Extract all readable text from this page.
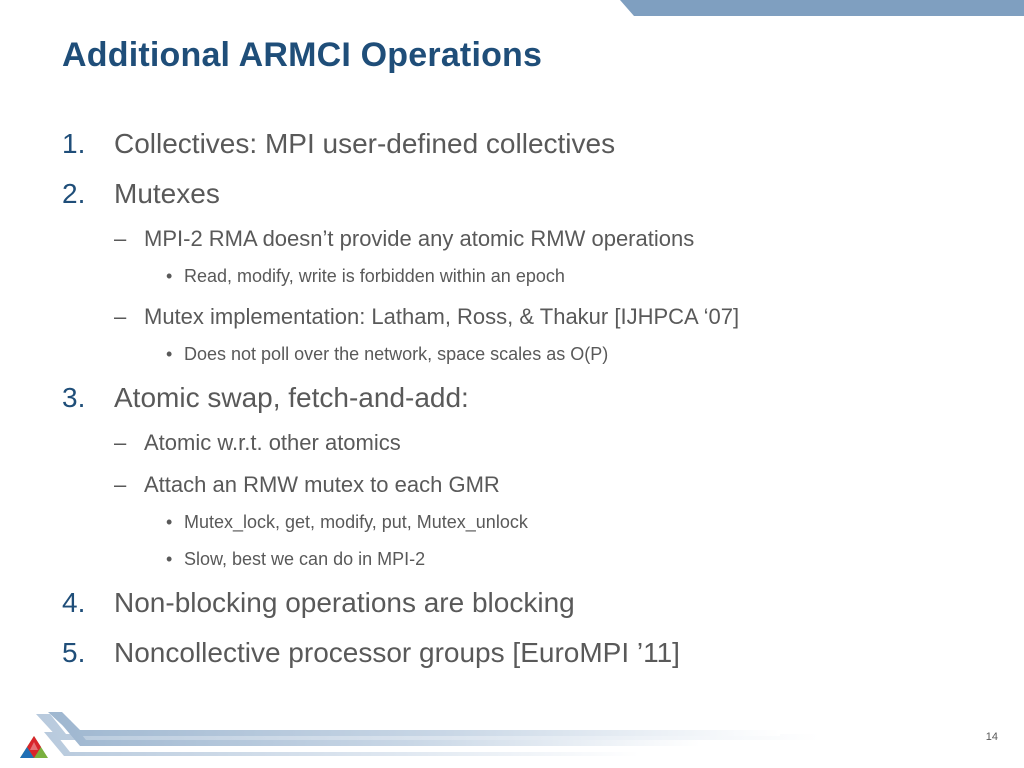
Additional ARMCI Operations
1. Collectives: MPI user-defined collectives
2. Mutexes
– MPI-2 RMA doesn’t provide any atomic RMW operations
• Read, modify, write is forbidden within an epoch
– Mutex implementation: Latham, Ross, & Thakur [IJHPCA ‘07]
• Does not poll over the network, space scales as O(P)
3. Atomic swap, fetch-and-add:
– Atomic w.r.t. other atomics
– Attach an RMW mutex to each GMR
• Mutex_lock, get, modify, put, Mutex_unlock
• Slow, best we can do in MPI-2
4. Non-blocking operations are blocking
5. Noncollective processor groups [EuroMPI ’11]
14
